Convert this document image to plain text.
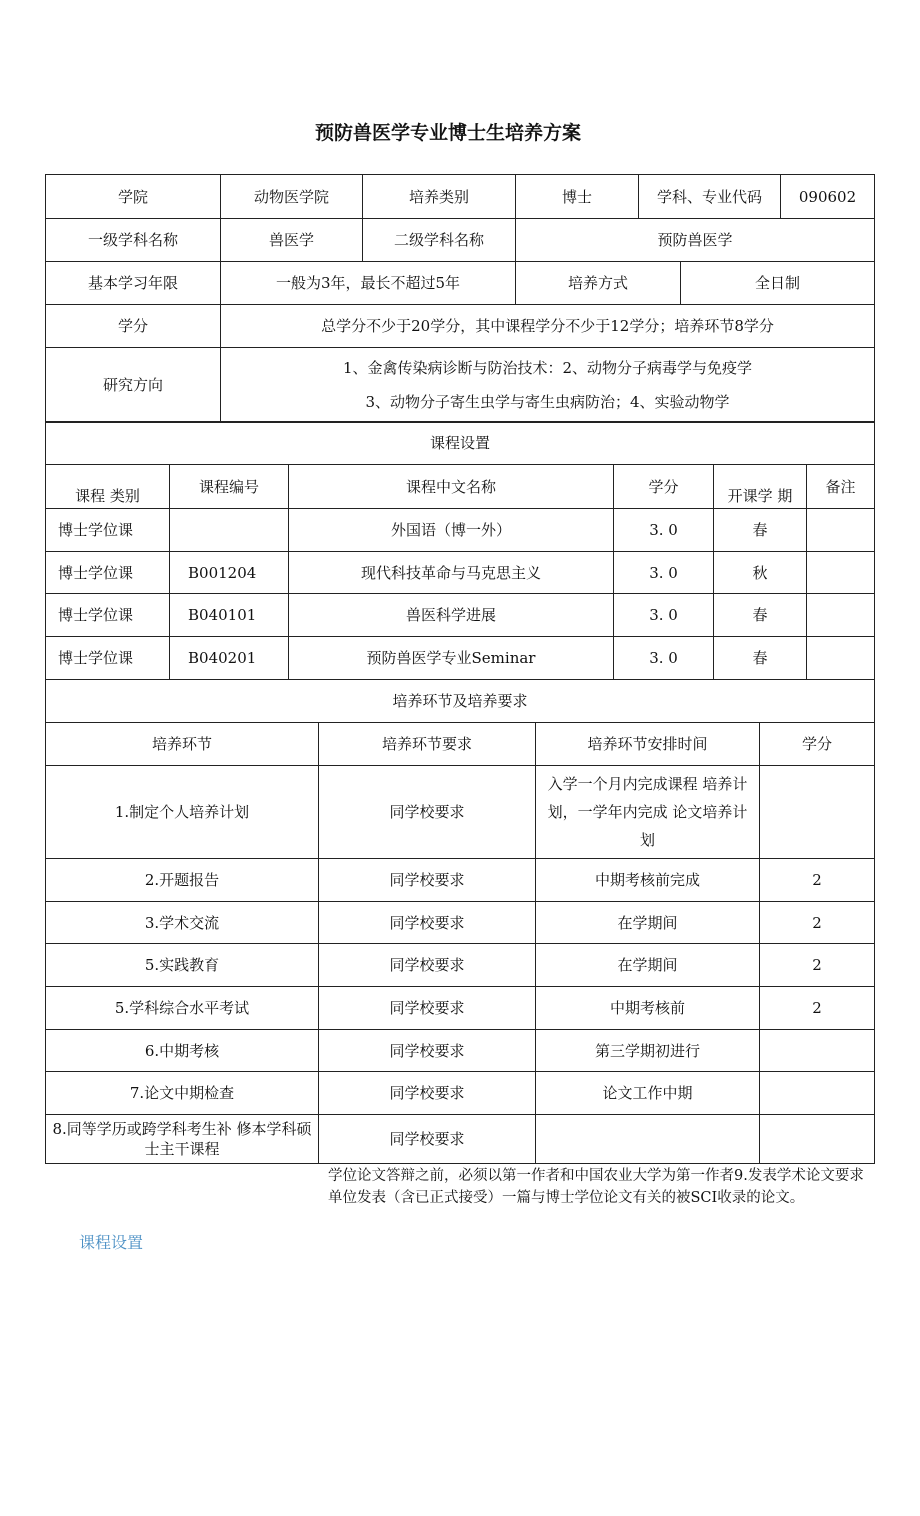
预防兽医学专业博士生培养方案
学院	动物医学院	培养类别	博士	学科、专业代码		090602
一级学科名称	兽医学	二级学科名称	预防兽医学			
基本学习年限	一般为3年，最长不超过5年		培养方式		全日制	
学分	总学分不少于20学分，其中课程学分不少于12学分；培养环节8学分					
研究方向	1、金禽传染病诊断与防治技术：2、动物分子病毒学与免疫学
3、动物分子寄生虫学与寄生虫病防治；4、实验动物学					
课程设置					
课程 类别	课程编号	课程中文名称	学分	开课学 期	备注
博士学位课		外国语（博一外）	3. 0	春	
博士学位课	B001204	现代科技革命与马克思主义	3. 0	秋	
博士学位课	B040101	兽医科学进展	3. 0	春	
博士学位课	B040201	预防兽医学专业Seminar	3. 0	春	
培养环节及培养要求			
培养环节	培养环节要求	培养环节安排时间	学分
1.制定个人培养计划	同学校要求	入学一个月内完成课程 培养计划，一学年内完成 论文培养计划	
2.开题报告	同学校要求	中期考核前完成	2
3.学术交流	同学校要求	在学期间	2
5.实践教育	同学校要求	在学期间	2
5.学科综合水平考试	同学校要求	中期考核前	2
6.中期考核	同学校要求	第三学期初进行	
7.论文中期检查	同学校要求	论文工作中期	
8.同等学历或跨学科考生补 修本学科硕士主干课程	同学校要求		
学位论文答辩之前，必须以第一作者和中国农业大学为第一作者9.发表学术论文要求 单位发表（含已正式接受）一篇与博士学位论文有关的被SCI收录的论文。
课程设置
